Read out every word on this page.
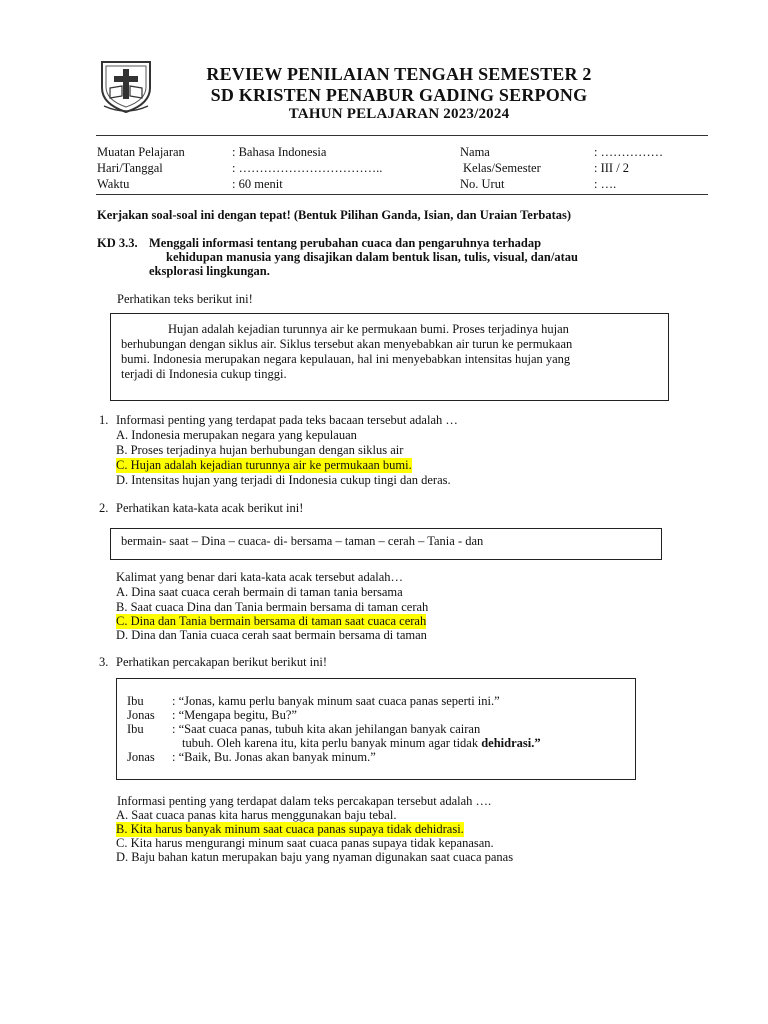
REVIEW PENILAIAN TENGAH SEMESTER 2
SD KRISTEN PENABUR GADING SERPONG
TAHUN PELAJARAN 2023/2024
Muatan Pelajaran	: Bahasa Indonesia
Hari/Tanggal	: ……………………………..
Waktu	: 60 menit
Nama	: ……………
Kelas/Semester	: III / 2
No. Urut	: ….
Kerjakan soal-soal ini dengan tepat! (Bentuk Pilihan Ganda, Isian, dan Uraian Terbatas)
KD 3.3. Menggali informasi tentang perubahan cuaca dan pengaruhnya terhadap
kehidupan manusia yang disajikan dalam bentuk lisan, tulis, visual, dan/atau
eksplorasi lingkungan.
Perhatikan teks berikut ini!
Hujan adalah kejadian turunnya air ke permukaan bumi. Proses terjadinya hujan
berhubungan dengan siklus air. Siklus tersebut akan menyebabkan air turun ke permukaan
bumi. Indonesia merupakan negara kepulauan, hal ini menyebabkan intensitas hujan yang
terjadi di Indonesia cukup tinggi.
1. Informasi penting yang terdapat pada teks bacaan tersebut adalah …
A. Indonesia merupakan negara yang kepulauan
B. Proses terjadinya hujan berhubungan dengan siklus air
C. Hujan adalah kejadian turunnya air ke permukaan bumi.
D. Intensitas hujan yang terjadi di Indonesia cukup tingi dan deras.
2. Perhatikan kata-kata acak berikut ini!
bermain- saat – Dina – cuaca- di- bersama – taman – cerah – Tania - dan
Kalimat yang benar dari kata-kata acak tersebut adalah…
A. Dina saat cuaca cerah bermain di taman tania bersama
B. Saat cuaca Dina dan Tania bermain bersama di taman cerah
C. Dina dan Tania bermain bersama di taman saat cuaca cerah
D. Dina dan Tania cuaca cerah saat bermain bersama di taman
3. Perhatikan percakapan berikut berikut ini!
Ibu : “Jonas, kamu perlu banyak minum saat cuaca panas seperti ini.”
Jonas : “Mengapa begitu, Bu?”
Ibu : “Saat cuaca panas, tubuh kita akan jehilangan banyak cairan
tubuh. Oleh karena itu, kita perlu banyak minum agar tidak dehidrasi.”
Jonas : “Baik, Bu. Jonas akan banyak minum.”
Informasi penting yang terdapat dalam teks percakapan tersebut adalah ….
A. Saat cuaca panas kita harus menggunakan baju tebal.
B. Kita harus banyak minum saat cuaca panas supaya tidak dehidrasi.
C. Kita harus mengurangi minum saat cuaca panas supaya tidak kepanasan.
D. Baju bahan katun merupakan baju yang nyaman digunakan saat cuaca panas
